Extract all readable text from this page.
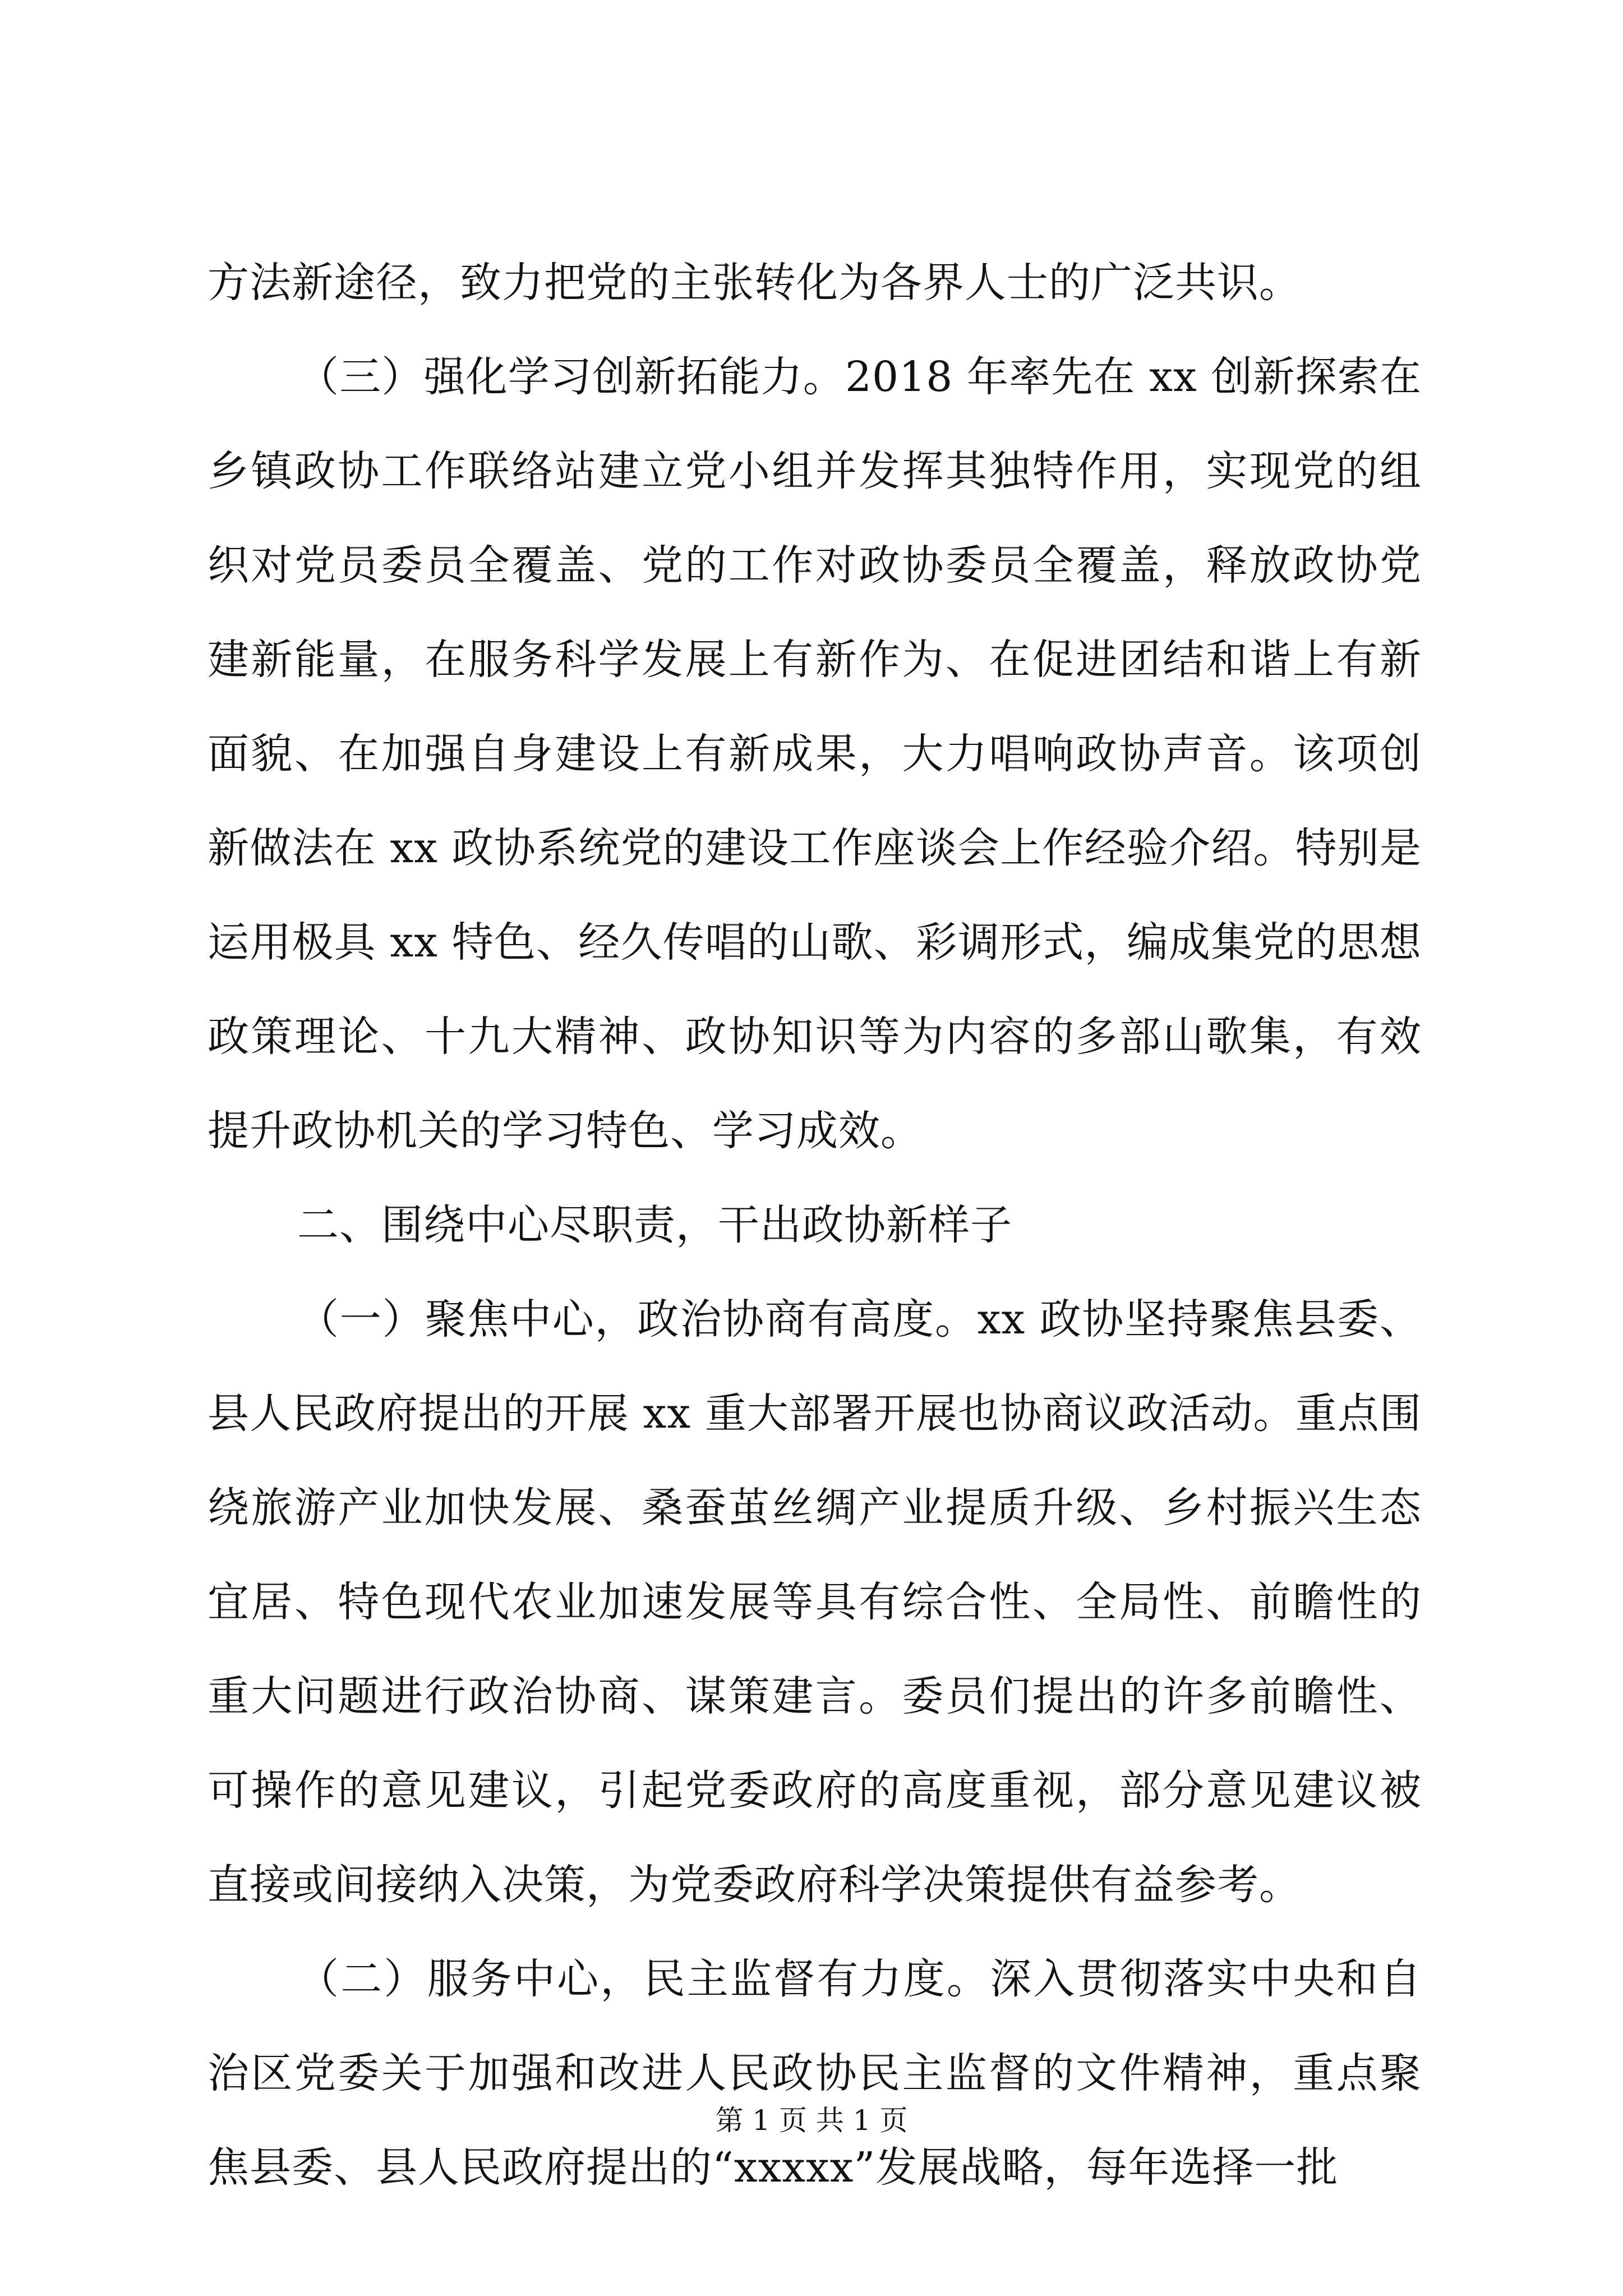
方法新途径，致力把党的主张转化为各界人士的广泛共识。

（三）强化学习创新拓能力。2018 年率先在 xx 创新探索在乡镇政协工作联络站建立党小组并发挥其独特作用，实现党的组织对党员委员全覆盖、党的工作对政协委员全覆盖，释放政协党建新能量，在服务科学发展上有新作为、在促进团结和谐上有新面貌、在加强自身建设上有新成果，大力唱响政协声音。该项创新做法在 xx 政协系统党的建设工作座谈会上作经验介绍。特别是运用极具 xx 特色、经久传唱的山歌、彩调形式，编成集党的思想政策理论、十九大精神、政协知识等为内容的多部山歌集，有效提升政协机关的学习特色、学习成效。

二、围绕中心尽职责，干出政协新样子

（一）聚焦中心，政治协商有高度。xx 政协坚持聚焦县委、县人民政府提出的开展 xx 重大部署开展也协商议政活动。重点围绕旅游产业加快发展、桑蚕茧丝绸产业提质升级、乡村振兴生态宜居、特色现代农业加速发展等具有综合性、全局性、前瞻性的重大问题进行政治协商、谋策建言。委员们提出的许多前瞻性、可操作的意见建议，引起党委政府的高度重视，部分意见建议被直接或间接纳入决策，为党委政府科学决策提供有益参考。

（二）服务中心，民主监督有力度。深入贯彻落实中央和自治区党委关于加强和改进人民政协民主监督的文件精神，重点聚焦县委、县人民政府提出的“xxxxx”发展战略，每年选择一批

第 1 页 共 1 页
